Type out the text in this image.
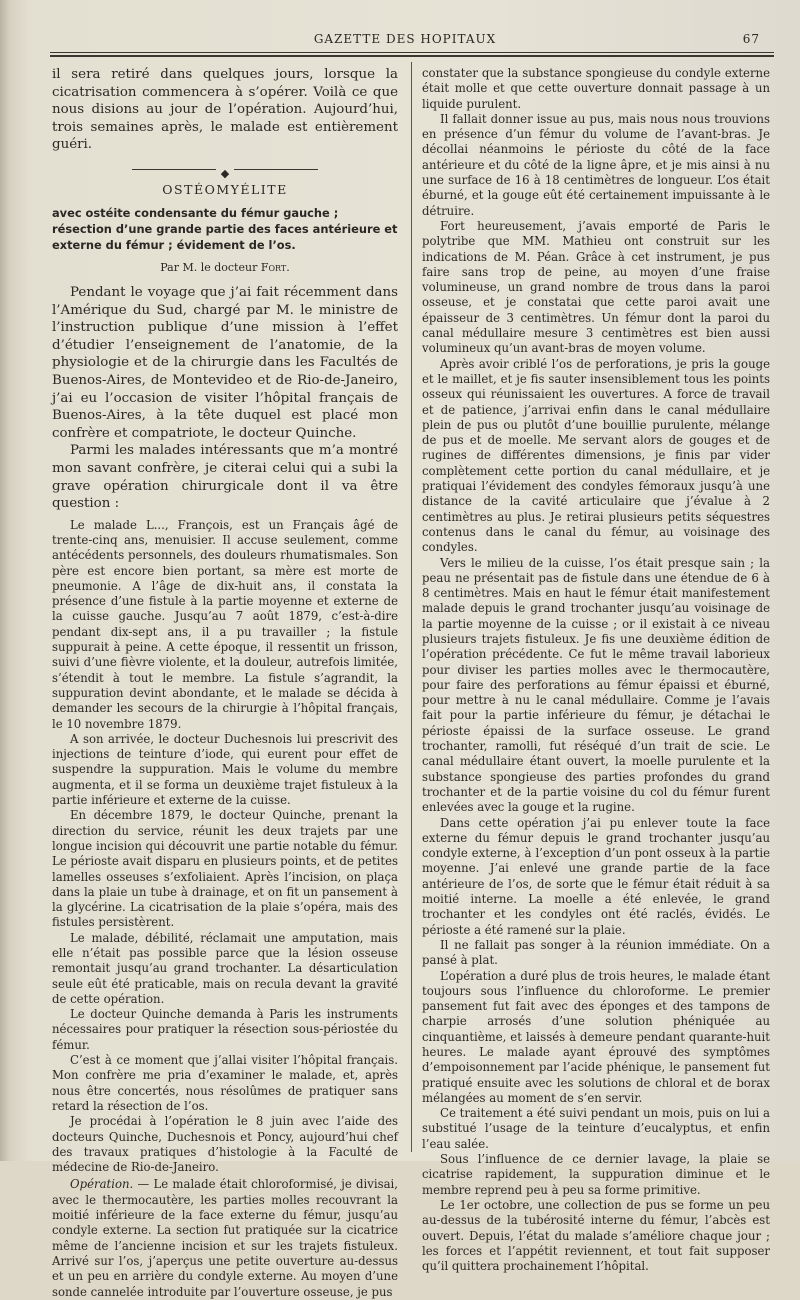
GAZETTE DES HOPITAUX	67

il sera retiré dans quelques jours, lorsque la cicatrisation commencera à s’opérer. Voilà ce que nous disions au jour de l’opération. Aujourd’hui, trois semaines après, le malade est entièrement guéri.

◆
OSTÉOMYÉLITE

avec ostéite condensante du fémur gauche ; résection d’une grande partie des faces antérieure et externe du fémur ; évidement de l’os.

Par M. le docteur Fort.

Pendant le voyage que j’ai fait récemment dans l’Amérique du Sud, chargé par M. le ministre de l’instruction publique d’une mission à l’effet d’étudier l’enseignement de l’anatomie, de la physiologie et de la chirurgie dans les Facultés de Buenos-Aires, de Montevideo et de Rio-de-Janeiro, j’ai eu l’occasion de visiter l’hôpital français de Buenos-Aires, à la tête duquel est placé mon confrère et compatriote, le docteur Quinche.

Parmi les malades intéressants que m’a montré mon savant confrère, je citerai celui qui a subi la grave opération chirurgicale dont il va être question :

Le malade L..., François, est un Français âgé de trente-cinq ans, menuisier. Il accuse seulement, comme antécédents personnels, des douleurs rhumatismales. Son père est encore bien portant, sa mère est morte de pneumonie. A l’âge de dix-huit ans, il constata la présence d’une fistule à la partie moyenne et externe de la cuisse gauche. Jusqu’au 7 août 1879, c’est-à-dire pendant dix-sept ans, il a pu travailler ; la fistule suppurait à peine. A cette époque, il ressentit un frisson, suivi d’une fièvre violente, et la douleur, autrefois limitée, s’étendit à tout le membre. La fistule s’agrandit, la suppuration devint abondante, et le malade se décida à demander les secours de la chirurgie à l’hôpital français, le 10 novembre 1879.

A son arrivée, le docteur Duchesnois lui prescrivit des injections de teinture d’iode, qui eurent pour effet de suspendre la suppuration. Mais le volume du membre augmenta, et il se forma un deuxième trajet fistuleux à la partie inférieure et externe de la cuisse.

En décembre 1879, le docteur Quinche, prenant la direction du service, réunit les deux trajets par une longue incision qui découvrit une partie notable du fémur. Le périoste avait disparu en plusieurs points, et de petites lamelles osseuses s’exfoliaient. Après l’incision, on plaça dans la plaie un tube à drainage, et on fit un pansement à la glycérine. La cicatrisation de la plaie s’opéra, mais des fistules persistèrent.

Le malade, débilité, réclamait une amputation, mais elle n’était pas possible parce que la lésion osseuse remontait jusqu’au grand trochanter. La désarticulation seule eût été praticable, mais on recula devant la gravité de cette opération.

Le docteur Quinche demanda à Paris les instruments nécessaires pour pratiquer la résection sous-périostée du fémur.

C’est à ce moment que j’allai visiter l’hôpital français. Mon confrère me pria d’examiner le malade, et, après nous être concertés, nous résolûmes de pratiquer sans retard la résection de l’os.

Je procédai à l’opération le 8 juin avec l’aide des docteurs Quinche, Duchesnois et Poncy, aujourd’hui chef des travaux pratiques d’histologie à la Faculté de médecine de Rio-de-Janeiro.

Opération. — Le malade était chloroformisé, je divisai, avec le thermocautère, les parties molles recouvrant la moitié inférieure de la face externe du fémur, jusqu’au condyle externe. La section fut pratiquée sur la cicatrice même de l’ancienne incision et sur les trajets fistuleux. Arrivé sur l’os, j’aperçus une petite ouverture au-dessus et un peu en arrière du condyle externe. Au moyen d’une sonde cannelée introduite par l’ouverture osseuse, je pus

constater que la substance spongieuse du condyle externe était molle et que cette ouverture donnait passage à un liquide purulent.

Il fallait donner issue au pus, mais nous nous trouvions en présence d’un fémur du volume de l’avant-bras. Je décollai néanmoins le périoste du côté de la face antérieure et du côté de la ligne âpre, et je mis ainsi à nu une surface de 16 à 18 centimètres de longueur. L’os était éburné, et la gouge eût été certainement impuissante à le détruire.

Fort heureusement, j’avais emporté de Paris le polytribe que MM. Mathieu ont construit sur les indications de M. Péan. Grâce à cet instrument, je pus faire sans trop de peine, au moyen d’une fraise volumineuse, un grand nombre de trous dans la paroi osseuse, et je constatai que cette paroi avait une épaisseur de 3 centimètres. Un fémur dont la paroi du canal médullaire mesure 3 centimètres est bien aussi volumineux qu’un avant-bras de moyen volume.

Après avoir criblé l’os de perforations, je pris la gouge et le maillet, et je fis sauter insensiblement tous les points osseux qui réunissaient les ouvertures. A force de travail et de patience, j’arrivai enfin dans le canal médullaire plein de pus ou plutôt d’une bouillie purulente, mélange de pus et de moelle. Me servant alors de gouges et de rugines de différentes dimensions, je finis par vider complètement cette portion du canal médullaire, et je pratiquai l’évidement des condyles fémoraux jusqu’à une distance de la cavité articulaire que j’évalue à 2 centimètres au plus. Je retirai plusieurs petits séquestres contenus dans le canal du fémur, au voisinage des condyles.

Vers le milieu de la cuisse, l’os était presque sain ; la peau ne présentait pas de fistule dans une étendue de 6 à 8 centimètres. Mais en haut le fémur était manifestement malade depuis le grand trochanter jusqu’au voisinage de la partie moyenne de la cuisse ; or il existait à ce niveau plusieurs trajets fistuleux. Je fis une deuxième édition de l’opération précédente. Ce fut le même travail laborieux pour diviser les parties molles avec le thermocautère, pour faire des perforations au fémur épaissi et éburné, pour mettre à nu le canal médullaire. Comme je l’avais fait pour la partie inférieure du fémur, je détachai le périoste épaissi de la surface osseuse. Le grand trochanter, ramolli, fut réséqué d’un trait de scie. Le canal médullaire étant ouvert, la moelle purulente et la substance spongieuse des parties profondes du grand trochanter et de la partie voisine du col du fémur furent enlevées avec la gouge et la rugine.

Dans cette opération j’ai pu enlever toute la face externe du fémur depuis le grand trochanter jusqu’au condyle externe, à l’exception d’un pont osseux à la partie moyenne. J’ai enlevé une grande partie de la face antérieure de l’os, de sorte que le fémur était réduit à sa moitié interne. La moelle a été enlevée, le grand trochanter et les condyles ont été raclés, évidés. Le périoste a été ramené sur la plaie.

Il ne fallait pas songer à la réunion immédiate. On a pansé à plat.

L’opération a duré plus de trois heures, le malade étant toujours sous l’influence du chloroforme. Le premier pansement fut fait avec des éponges et des tampons de charpie arrosés d’une solution phéniquée au cinquantième, et laissés à demeure pendant quarante-huit heures. Le malade ayant éprouvé des symptômes d’empoisonnement par l’acide phénique, le pansement fut pratiqué ensuite avec les solutions de chloral et de borax mélangées au moment de s’en servir.

Ce traitement a été suivi pendant un mois, puis on lui a substitué l’usage de la teinture d’eucalyptus, et enfin l’eau salée.

Sous l’influence de ce dernier lavage, la plaie se cicatrise rapidement, la suppuration diminue et le membre reprend peu à peu sa forme primitive.

Le 1er octobre, une collection de pus se forme un peu au-dessus de la tubérosité interne du fémur, l’abcès est ouvert. Depuis, l’état du malade s’améliore chaque jour ; les forces et l’appétit reviennent, et tout fait supposer qu’il quittera prochainement l’hôpital.
